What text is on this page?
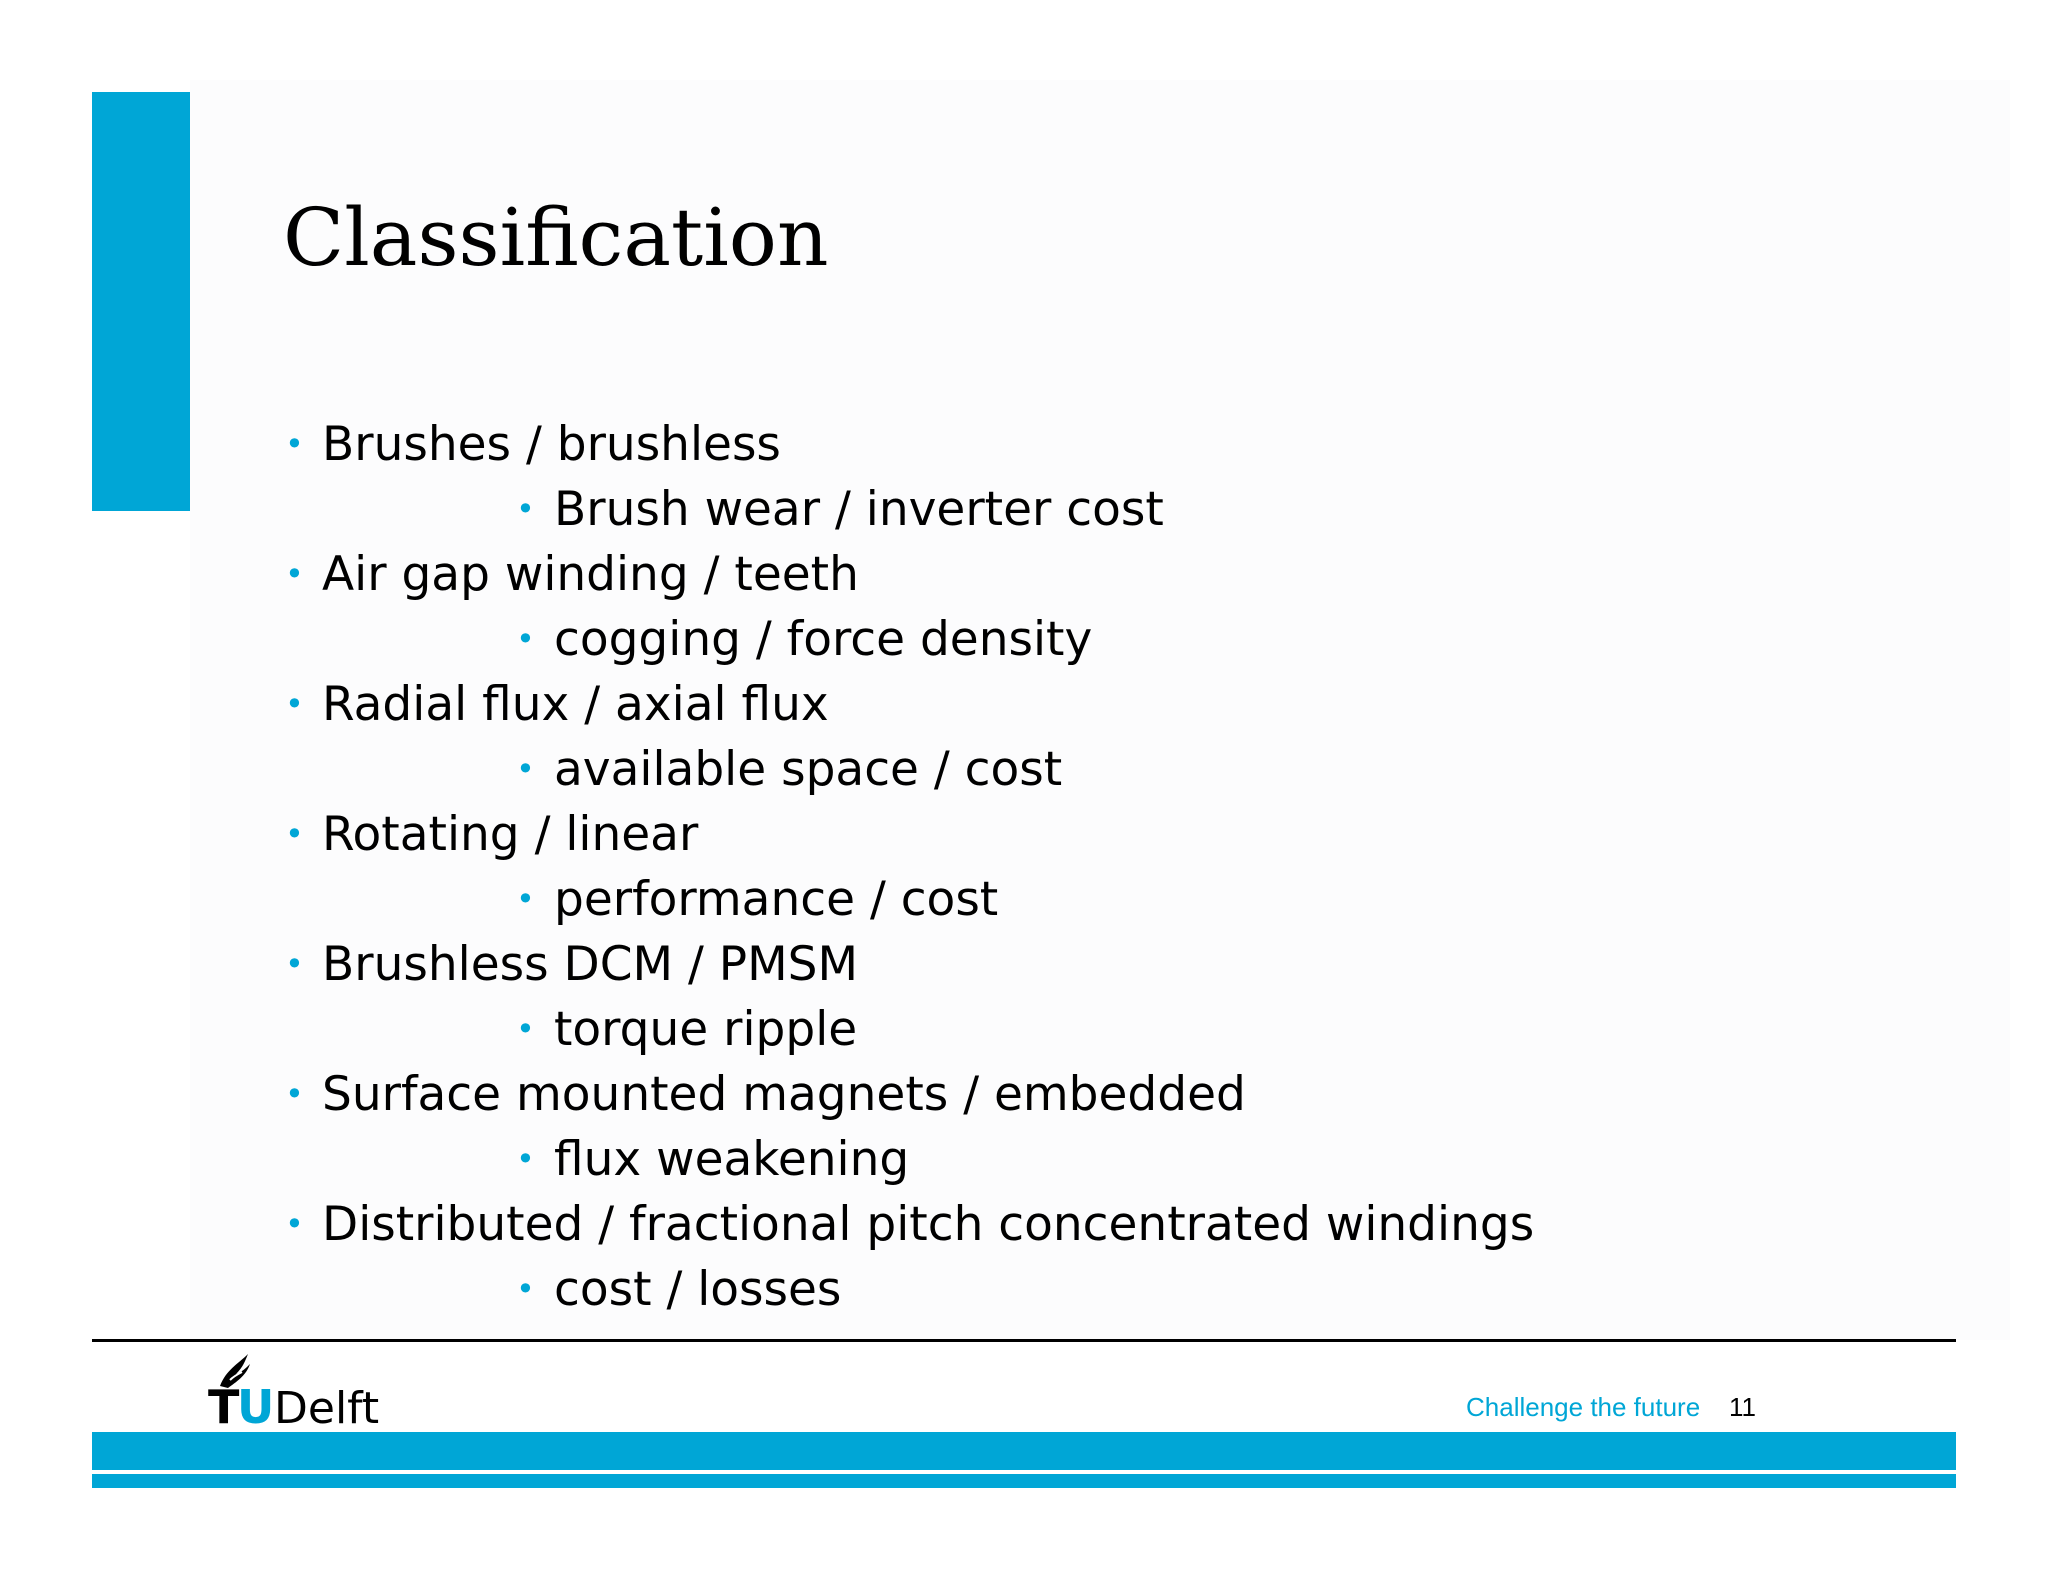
Classification
• Brushes / brushless
• Brush wear / inverter cost
• Air gap winding / teeth
• cogging / force density
• Radial flux / axial flux
• available space / cost
• Rotating / linear
• performance / cost
• Brushless DCM / PMSM
• torque ripple
• Surface mounted magnets / embedded
• flux weakening
• Distributed / fractional pitch concentrated windings
• cost / losses
T
U Delft	Challenge the future 11
